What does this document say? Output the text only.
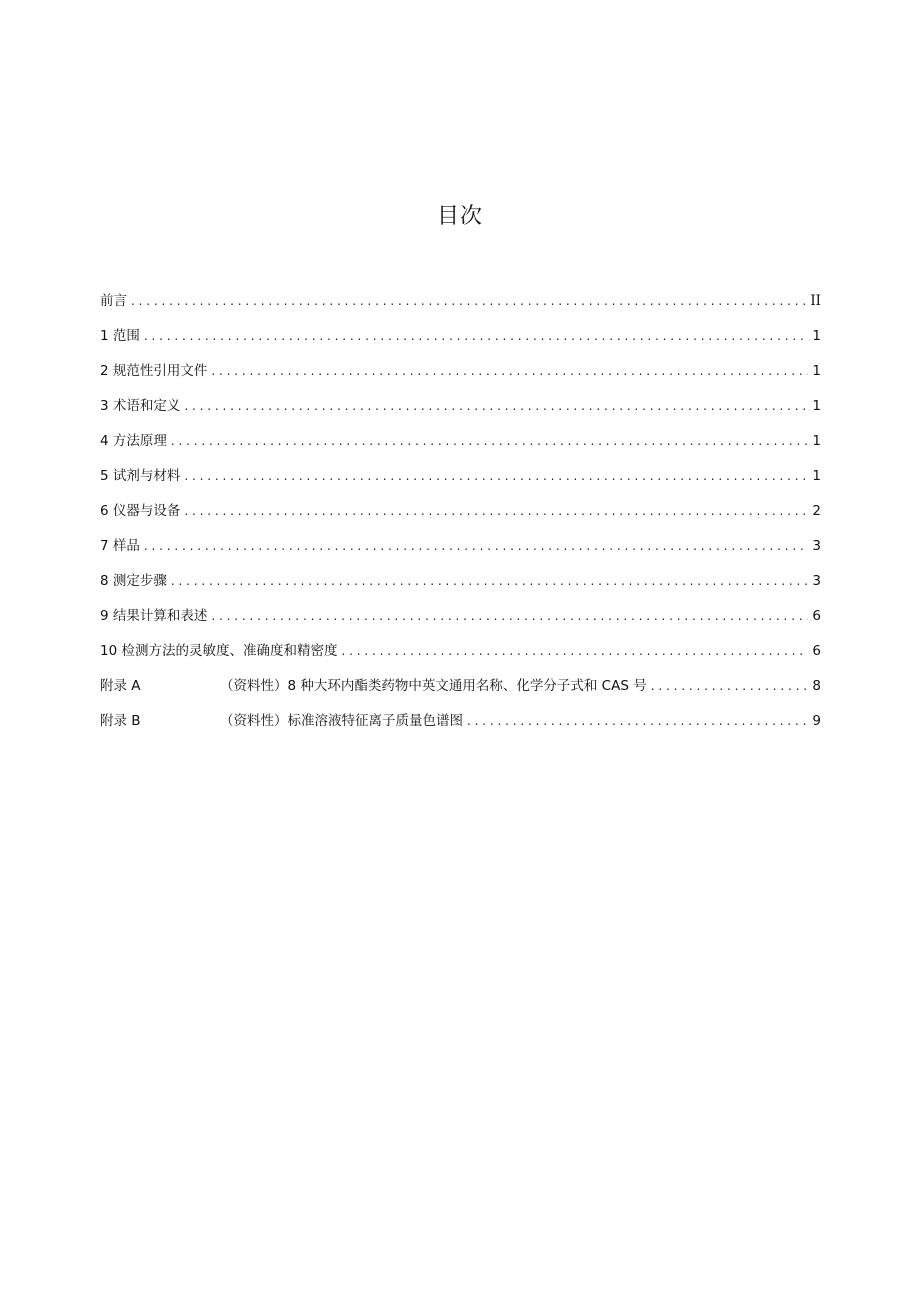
目次
前言 . . .	II
1 范围 . . .	1
2 规范性引用文件 . . .	1
3 术语和定义 . . .	1
4 方法原理 . . .	1
5 试剂与材料 . . .	1
6 仪器与设备 . . .	2
7 样品 . . .	3
8 测定步骤 . . .	3
9 结果计算和表述 . . .	6
10 检测方法的灵敏度、准确度和精密度 . . .	6
附录 A	（资料性）8 种大环内酯类药物中英文通用名称、化学分子式和 CAS 号 . . .	8
附录 B	（资料性）标准溶液特征离子质量色谱图 . . .	9
